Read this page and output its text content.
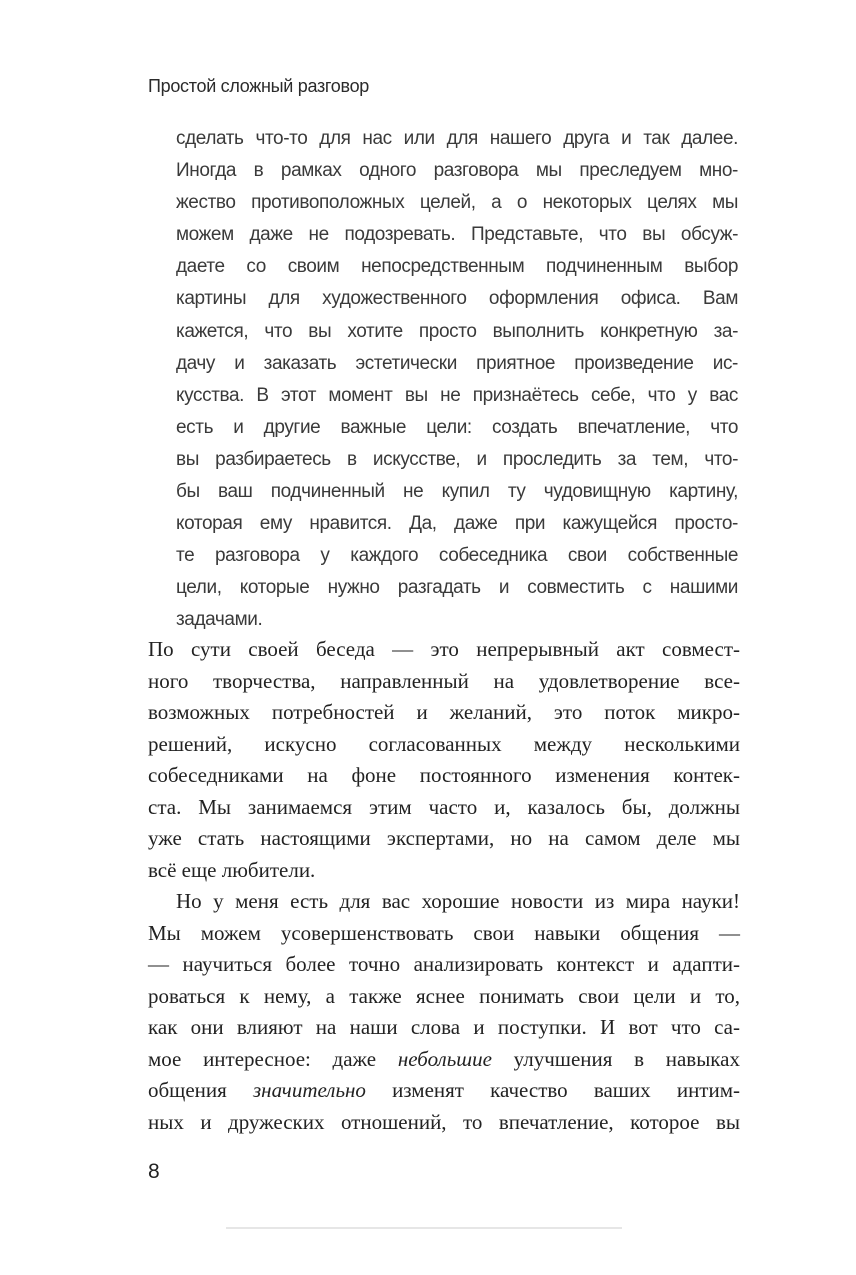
Простой сложный разговор
сделать что-то для нас или для нашего друга и так далее.
Иногда в рамках одного разговора мы преследуем мно-
жество противоположных целей, а о некоторых целях мы
можем даже не подозревать. Представьте, что вы обсуж-
даете со своим непосредственным подчиненным выбор
картины для художественного оформления офиса. Вам
кажется, что вы хотите просто выполнить конкретную за-
дачу и заказать эстетически приятное произведение ис-
кусства. В этот момент вы не признаётесь себе, что у вас
есть и другие важные цели: создать впечатление, что
вы разбираетесь в искусстве, и проследить за тем, что-
бы ваш подчиненный не купил ту чудовищную картину,
которая ему нравится. Да, даже при кажущейся просто-
те разговора у каждого собеседника свои собственные
цели, которые нужно разгадать и совместить с нашими
задачами.
По сути своей беседа — это непрерывный акт совмест-
ного творчества, направленный на удовлетворение все-
возможных потребностей и желаний, это поток микро-
решений, искусно согласованных между несколькими
собеседниками на фоне постоянного изменения контек-
ста. Мы занимаемся этим часто и, казалось бы, должны
уже стать настоящими экспертами, но на самом деле мы
всё еще любители.
Но у меня есть для вас хорошие новости из мира науки!
Мы можем усовершенствовать свои навыки общения —
— научиться более точно анализировать контекст и адапти-
роваться к нему, а также яснее понимать свои цели и то,
как они влияют на наши слова и поступки. И вот что са-
мое интересное: даже небольшие улучшения в навыках
общения значительно изменят качество ваших интим-
ных и дружеских отношений, то впечатление, которое вы
8
